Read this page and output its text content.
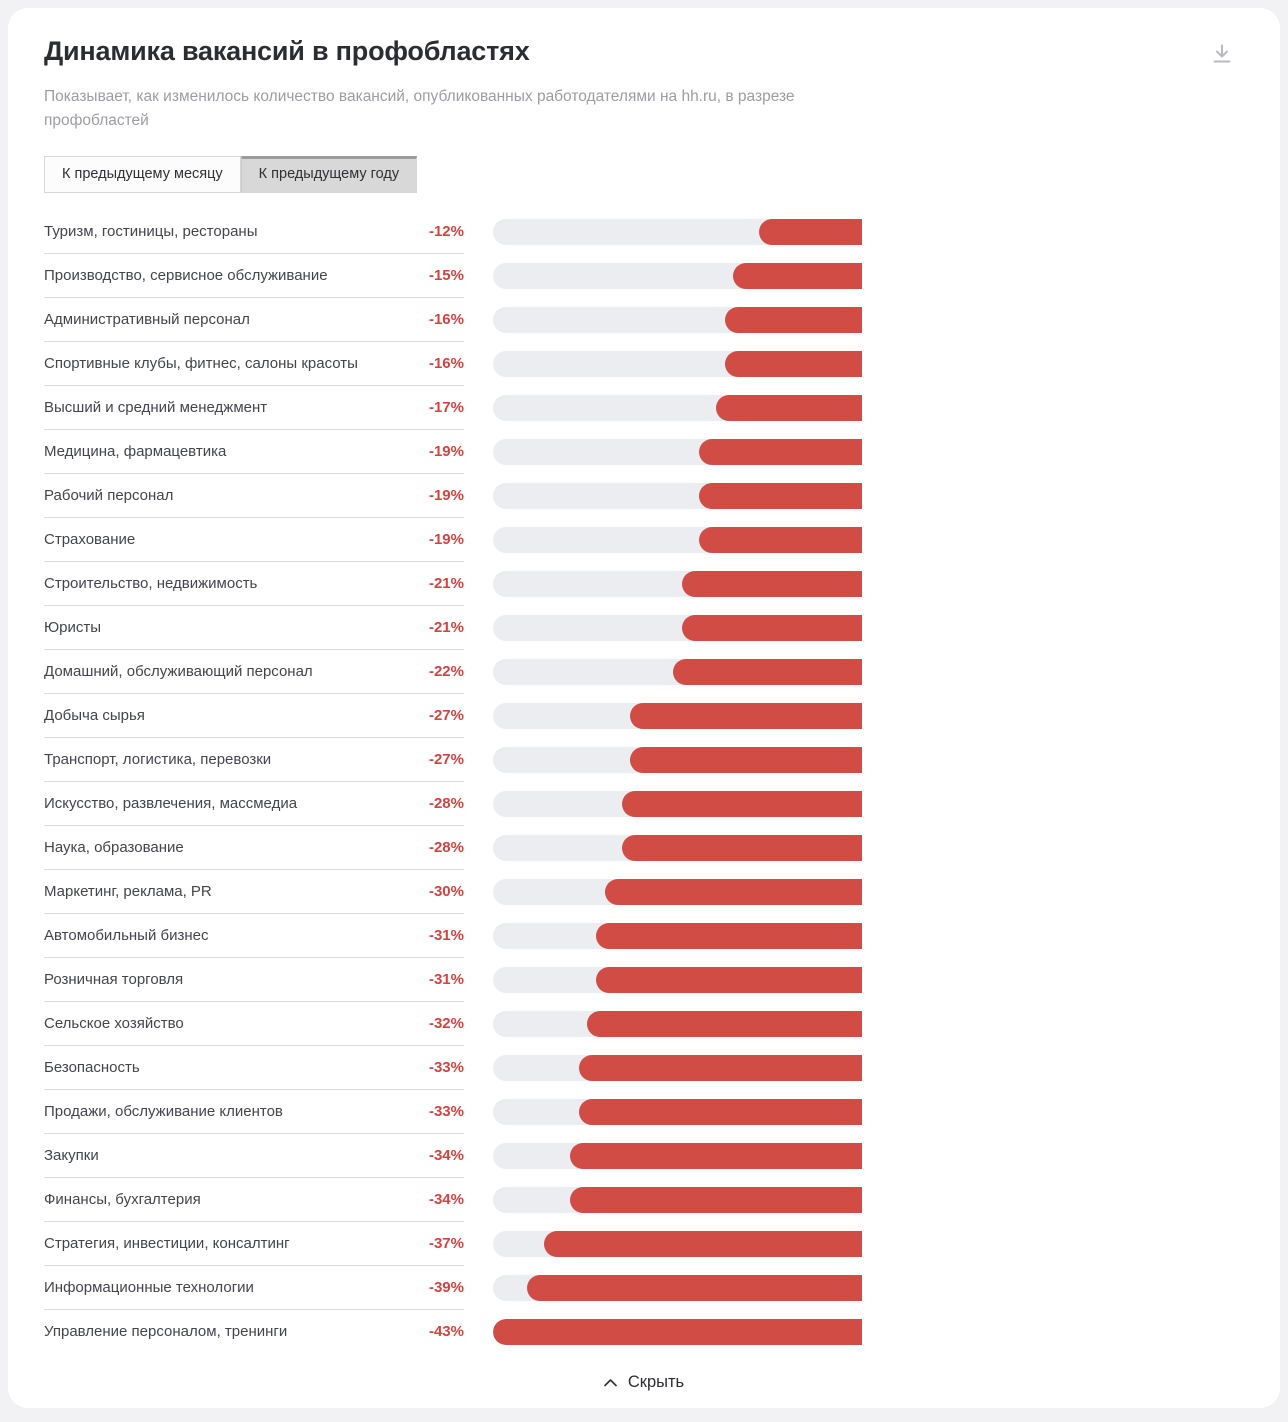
Динамика вакансий в профобластях

Показывает, как изменилось количество вакансий, опубликованных работодателями на hh.ru, в разрезе профобластей

К предыдущему месяцу	К предыдущему году
Туризм, гостиницы, рестораны	-12%
Производство, сервисное обслуживание	-15%
Административный персонал	-16%
Спортивные клубы, фитнес, салоны красоты	-16%
Высший и средний менеджмент	-17%
Медицина, фармацевтика	-19%
Рабочий персонал	-19%
Страхование	-19%
Строительство, недвижимость	-21%
Юристы	-21%
Домашний, обслуживающий персонал	-22%
Добыча сырья	-27%
Транспорт, логистика, перевозки	-27%
Искусство, развлечения, массмедиа	-28%
Наука, образование	-28%
Маркетинг, реклама, PR	-30%
Автомобильный бизнес	-31%
Розничная торговля	-31%
Сельское хозяйство	-32%
Безопасность	-33%
Продажи, обслуживание клиентов	-33%
Закупки	-34%
Финансы, бухгалтерия	-34%
Стратегия, инвестиции, консалтинг	-37%
Информационные технологии	-39%
Управление персоналом, тренинги	-43%
Скрыть
